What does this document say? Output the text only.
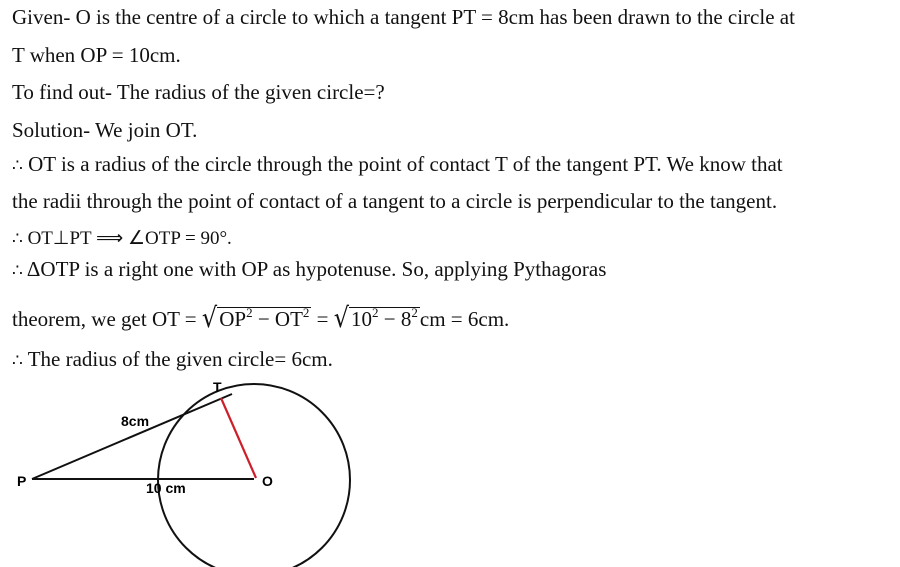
Given- O is the centre of a circle to which a tangent PT = 8cm has been drawn to the circle at
T when OP = 10cm.
To find out- The radius of the given circle=?
Solution- We join OT.
∴ OT is a radius of the circle through the point of contact T of the tangent PT. We know that
the radii through the point of contact of a tangent to a circle is perpendicular to the tangent.
∴ OT⊥PT ⟹ ∠OTP = 90°.
∴ ΔOTP is a right one with OP as hypotenuse. So, applying Pythagoras
theorem, we get OT = $√OP^2 - OT^2 = √10^2 - 8^2cm = 6cm$.
∴ The radius of the given circle= 6cm.
T
P	O
8cm
10 cm
